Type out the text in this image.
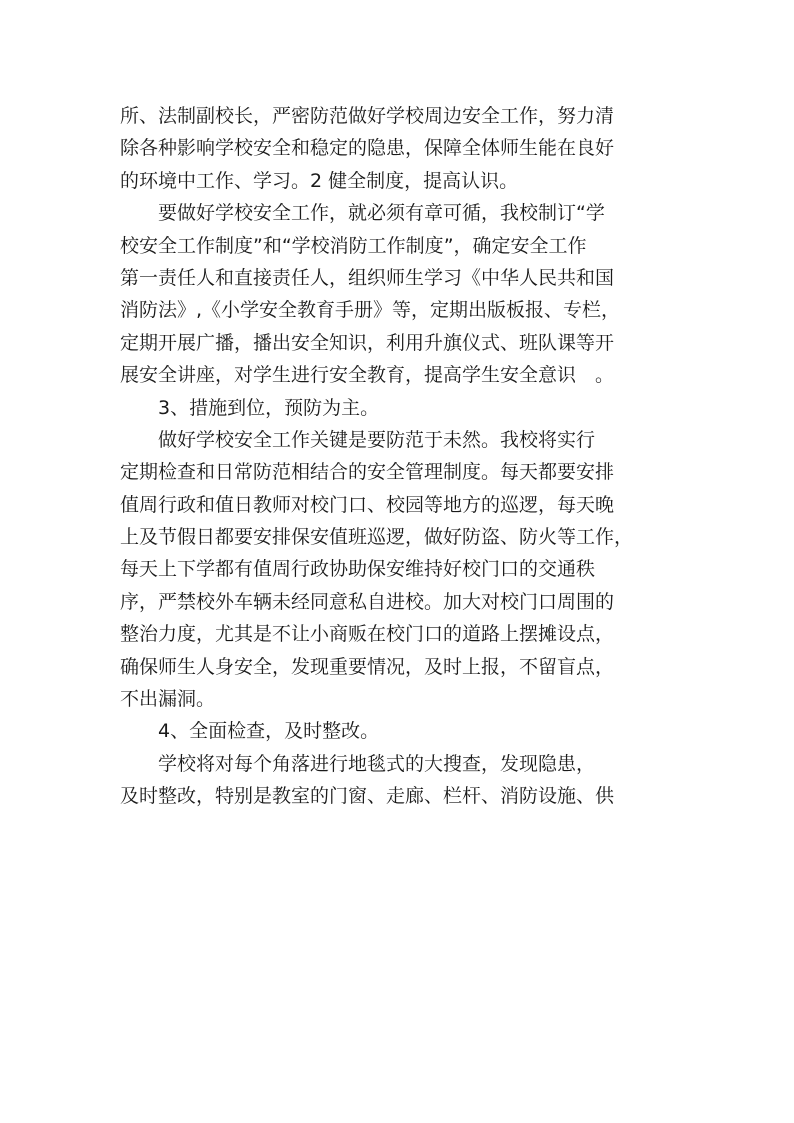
所、法制副校长，严密防范做好学校周边安全工作，努力清
除各种影响学校安全和稳定的隐患，保障全体师生能在良好
的环境中工作、学习。2 健全制度，提高认识。
要做好学校安全工作，就必须有章可循，我校制订“学
校安全工作制度”和“学校消防工作制度”，确定安全工作
第一责任人和直接责任人，组织师生学习《中华人民共和国
消防法》,《小学安全教育手册》等，定期出版板报、专栏，
定期开展广播，播出安全知识，利用升旗仪式、班队课等开
展安全讲座，对学生进行安全教育，提高学生安全意识　。
3、措施到位，预防为主。
做好学校安全工作关键是要防范于未然。我校将实行
定期检查和日常防范相结合的安全管理制度。每天都要安排
值周行政和值日教师对校门口、校园等地方的巡逻，每天晚
上及节假日都要安排保安值班巡逻，做好防盗、防火等工作，
每天上下学都有值周行政协助保安维持好校门口的交通秩
序，严禁校外车辆未经同意私自进校。加大对校门口周围的
整治力度，尤其是不让小商贩在校门口的道路上摆摊设点，
确保师生人身安全，发现重要情况，及时上报，不留盲点，
不出漏洞。
4、全面检查，及时整改。
学校将对每个角落进行地毯式的大搜查，发现隐患，
及时整改，特别是教室的门窗、走廊、栏杆、消防设施、供
